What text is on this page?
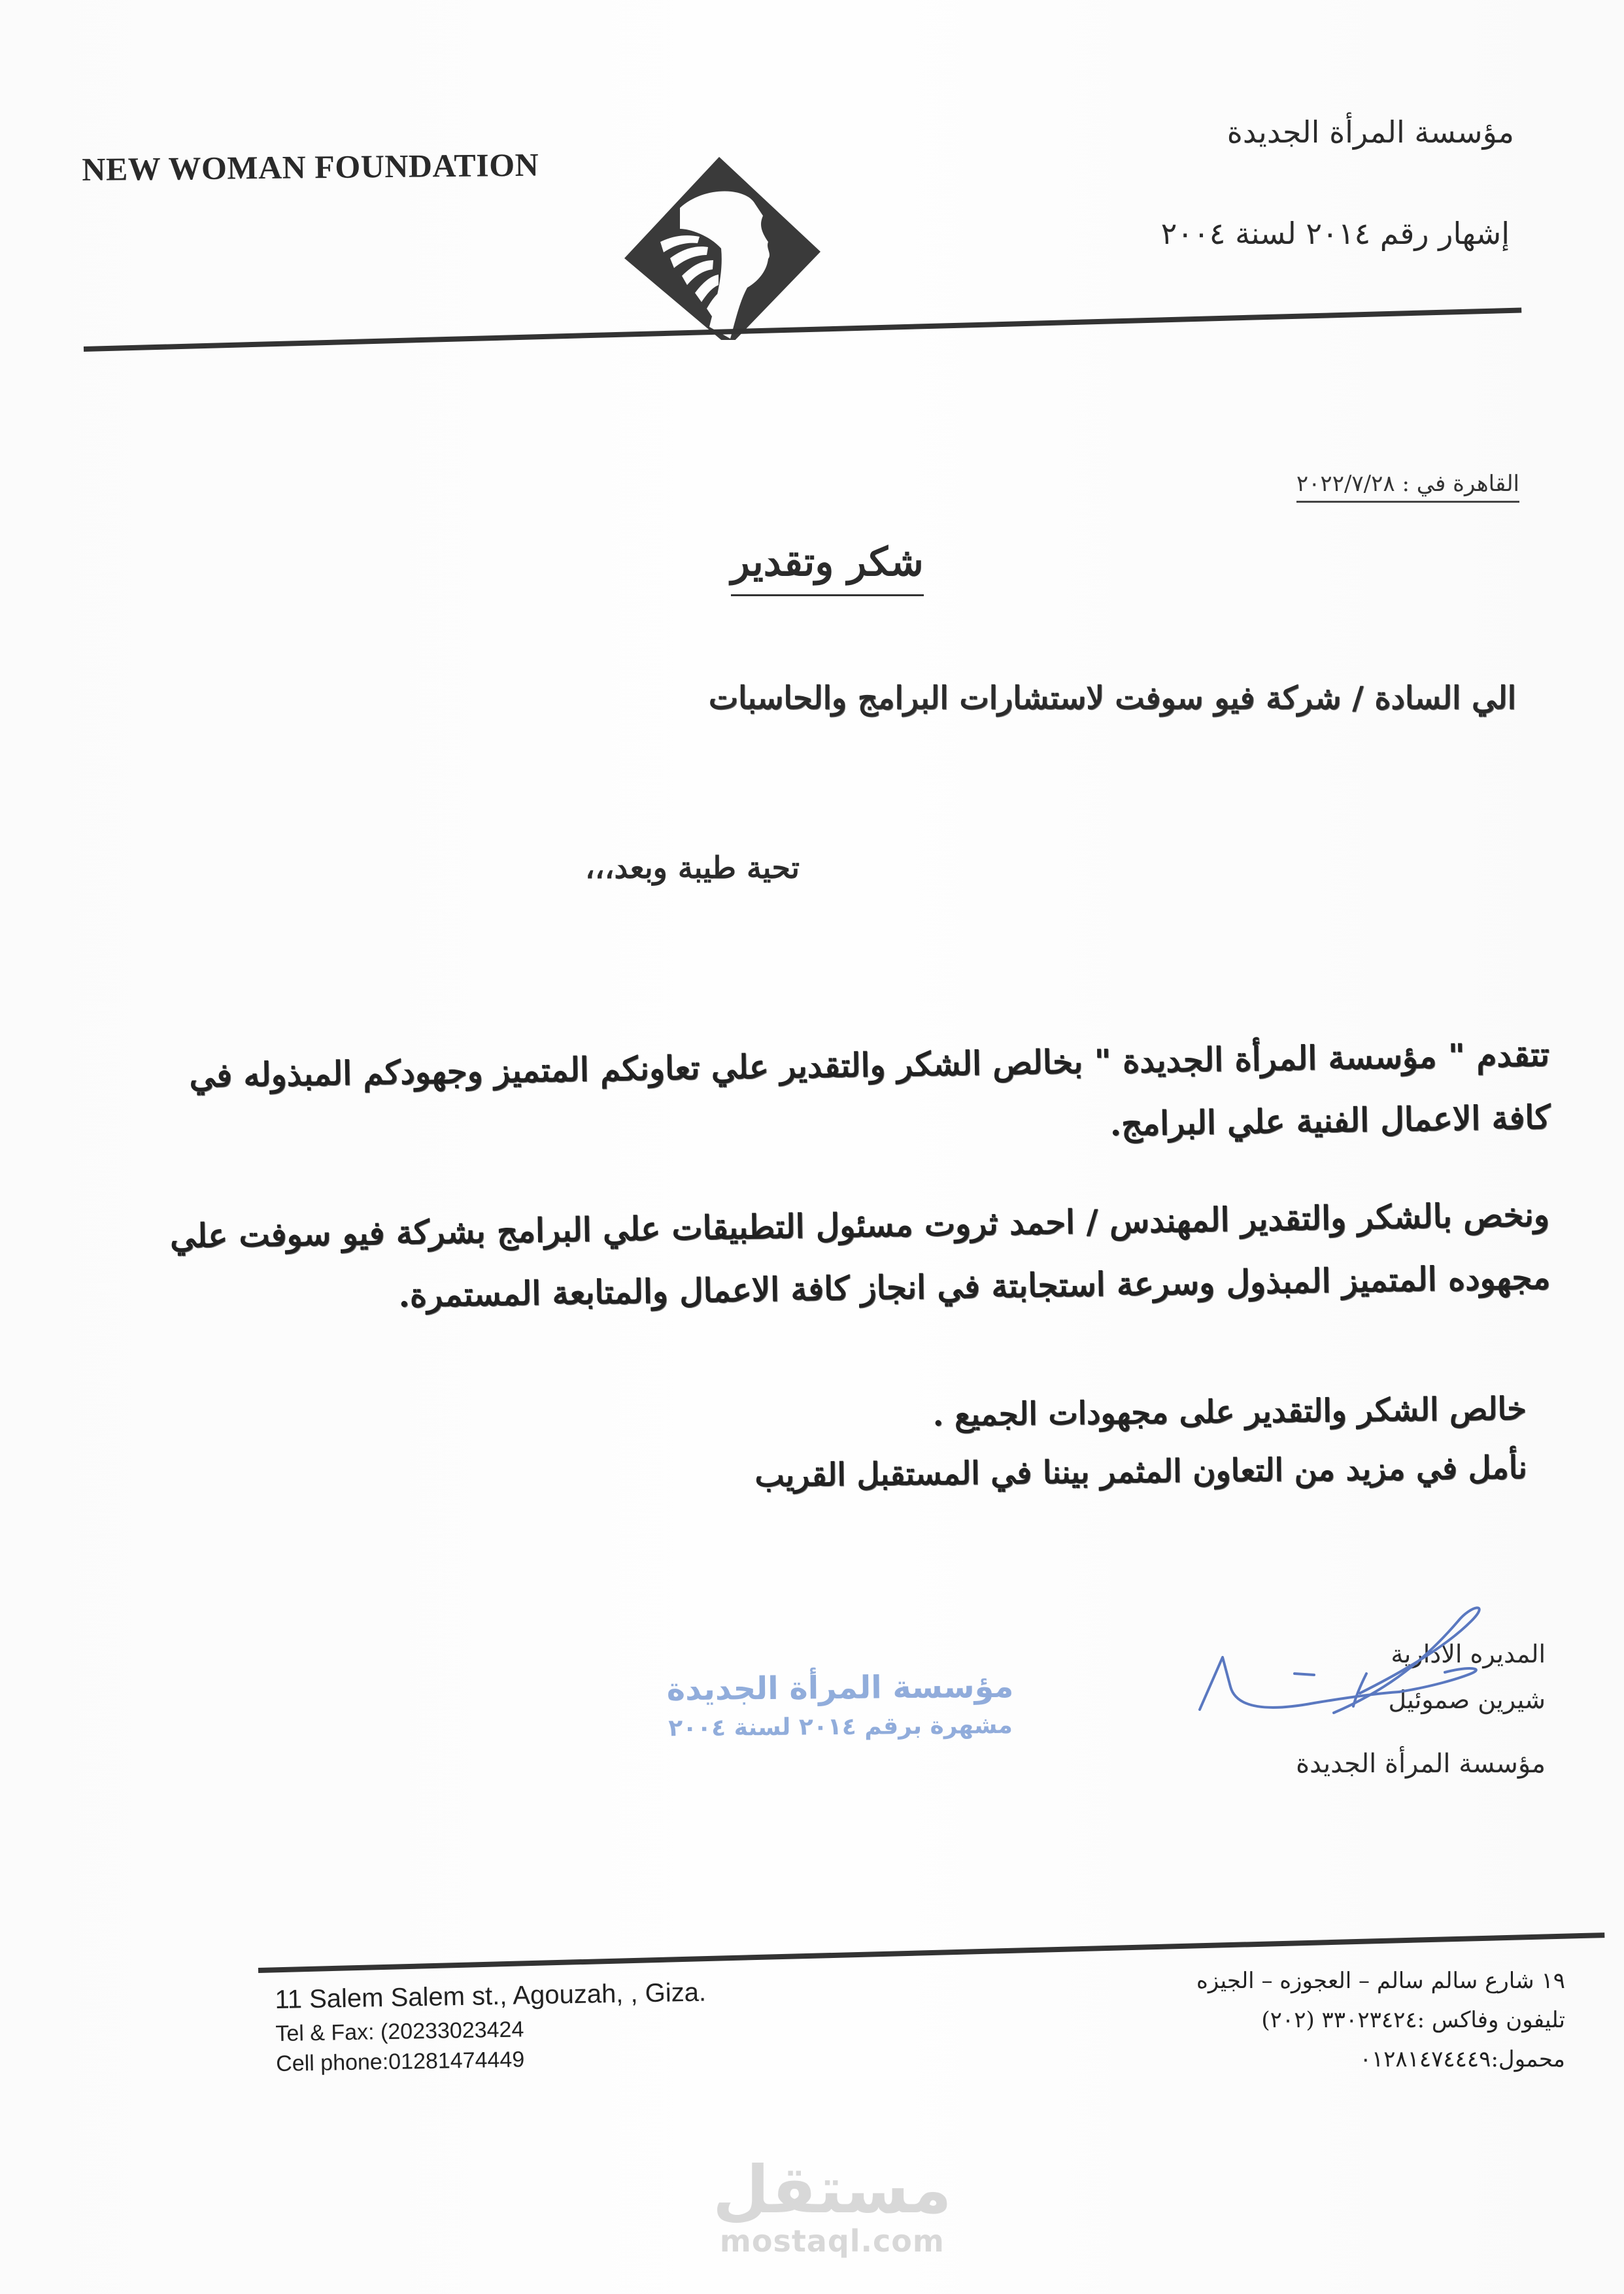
NEW WOMAN FOUNDATION
مؤسسة المرأة الجديدة
إشهار رقم ٢٠١٤ لسنة ٢٠٠٤
القاهرة في : ٢٠٢٢/٧/٢٨
شكر وتقدير
الي السادة / شركة فيو سوفت لاستشارات البرامج والحاسبات
تحية طيبة وبعد،،،
تتقدم " مؤسسة المرأة الجديدة " بخالص الشكر والتقدير علي تعاونكم المتميز وجهودكم المبذوله في كافة الاعمال الفنية علي البرامج.
ونخص بالشكر والتقدير المهندس / احمد ثروت مسئول التطبيقات علي البرامج بشركة فيو سوفت علي مجهوده المتميز المبذول وسرعة استجابتة في انجاز كافة الاعمال والمتابعة المستمرة.
خالص الشكر والتقدير على مجهودات الجميع .
نأمل في مزيد من التعاون المثمر بيننا في المستقبل القريب
مؤسسة المرأة الجديدة
مشهرة برقم ٢٠١٤ لسنة ٢٠٠٤
المديره الادارية
شيرين صموئيل
مؤسسة المرأة الجديدة
11 Salem Salem st., Agouzah, , Giza.
Tel & Fax: (20233023424
Cell phone:01281474449
١٩ شارع سالم سالم – العجوزه – الجيزه
تليفون وفاكس :٣٣٠٢٣٤٢٤ (٢٠٢)
محمول:٠١٢٨١٤٧٤٤٤٩
مستقل
mostaql.com
